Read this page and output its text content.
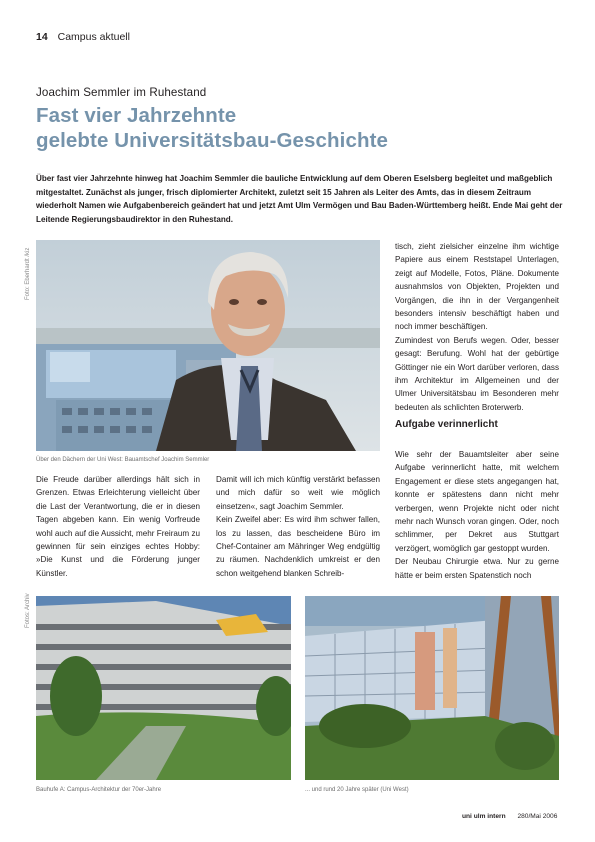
14 Campus aktuell
Joachim Semmler im Ruhestand
Fast vier Jahrzehnte
gelebte Universitätsbau-Geschichte

Über fast vier Jahrzehnte hinweg hat Joachim Semmler die bauliche Entwicklung auf dem Oberen Eselsberg begleitet und maßgeblich mitgestaltet. Zunächst als junger, frisch diplomierter Architekt, zuletzt seit 15 Jahren als Leiter des Amts, das in diesem Zeitraum wiederholt Namen wie Aufgabenbereich geändert hat und jetzt Amt Ulm Vermögen und Bau Baden-Württemberg heißt. Ende Mai geht der Leitende Regierungsbaudirektor in den Ruhestand.

Foto: Eberhardt /kiz
Über den Dächern der Uni West: Bauamtschef Joachim Semmler

Die Freude darüber allerdings hält sich in Grenzen. Etwas Erleichterung vielleicht über die Last der Verantwortung, die er in diesen Tagen abgeben kann. Ein wenig Vorfreude wohl auch auf die Aussicht, mehr Freiraum zu gewinnen für sein einziges echtes Hobby: »Die Kunst und die Förderung junger Künstler.

Damit will ich mich künftig verstärkt befassen und mich dafür so weit wie möglich einsetzen«, sagt Joachim Semmler.

Kein Zweifel aber: Es wird ihm schwer fallen, los zu lassen, das bescheidene Büro im Chef-Container am Mähringer Weg endgültig zu räumen. Nachdenklich umkreist er den schon weitgehend blanken Schreib-

tisch, zieht zielsicher einzelne ihm wichtige Papiere aus einem Reststapel Unterlagen, zeigt auf Modelle, Fotos, Pläne. Dokumente ausnahmslos von Objekten, Projekten und Vorgängen, die ihn in der Vergangenheit besonders intensiv beschäftigt haben und noch immer beschäftigen.

Zumindest von Berufs wegen. Oder, besser gesagt: Berufung. Wohl hat der gebürtige Göttinger nie ein Wort darüber verloren, dass ihm Architektur im Allgemeinen und der Ulmer Universitätsbau im Besonderen mehr bedeuten als schlichten Broterwerb.

Aufgabe verinnerlicht

Wie sehr der Bauamtsleiter aber seine Aufgabe verinnerlicht hatte, mit welchem Engagement er diese stets angegangen hat, konnte er spätestens dann nicht mehr verbergen, wenn Projekte nicht oder nicht mehr nach Wunsch voran gingen. Oder, noch schlimmer, per Dekret aus Stuttgart verzögert, womöglich gar gestoppt wurden.

Der Neubau Chirurgie etwa. Nur zu gerne hätte er beim ersten Spatenstich noch

Fotos: Archiv
Bauhufe A: Campus-Architektur der 70er-Jahre	... und rund 20 Jahre später (Uni West)
uni ulm intern 280/Mai 2006
